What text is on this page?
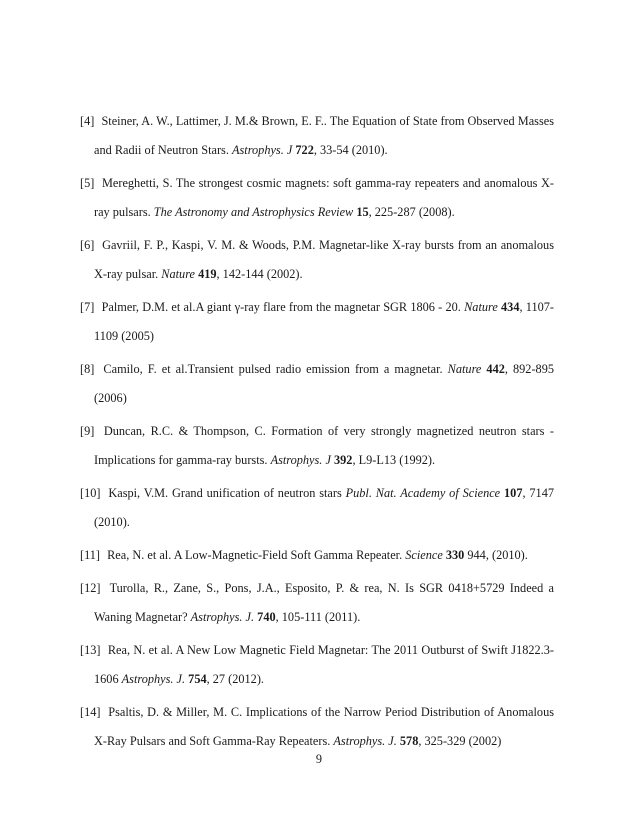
[4] Steiner, A. W., Lattimer, J. M.& Brown, E. F.. The Equation of State from Observed Masses and Radii of Neutron Stars. Astrophys. J 722, 33-54 (2010).

[5] Mereghetti, S. The strongest cosmic magnets: soft gamma-ray repeaters and anomalous X-ray pulsars. The Astronomy and Astrophysics Review 15, 225-287 (2008).

[6] Gavriil, F. P., Kaspi, V. M. & Woods, P.M. Magnetar-like X-ray bursts from an anomalous X-ray pulsar. Nature 419, 142-144 (2002).

[7] Palmer, D.M. et al.A giant γ-ray flare from the magnetar SGR 1806 - 20. Nature 434, 1107-1109 (2005)

[8] Camilo, F. et al.Transient pulsed radio emission from a magnetar. Nature 442, 892-895 (2006)

[9] Duncan, R.C. & Thompson, C. Formation of very strongly magnetized neutron stars - Implications for gamma-ray bursts. Astrophys. J 392, L9-L13 (1992).

[10] Kaspi, V.M. Grand unification of neutron stars Publ. Nat. Academy of Science 107, 7147 (2010).

[11] Rea, N. et al. A Low-Magnetic-Field Soft Gamma Repeater. Science 330 944, (2010).

[12] Turolla, R., Zane, S., Pons, J.A., Esposito, P. & rea, N. Is SGR 0418+5729 Indeed a Waning Magnetar? Astrophys. J. 740, 105-111 (2011).

[13] Rea, N. et al. A New Low Magnetic Field Magnetar: The 2011 Outburst of Swift J1822.3-1606 Astrophys. J. 754, 27 (2012).

[14] Psaltis, D. & Miller, M. C. Implications of the Narrow Period Distribution of Anomalous X-Ray Pulsars and Soft Gamma-Ray Repeaters. Astrophys. J. 578, 325-329 (2002)

9
